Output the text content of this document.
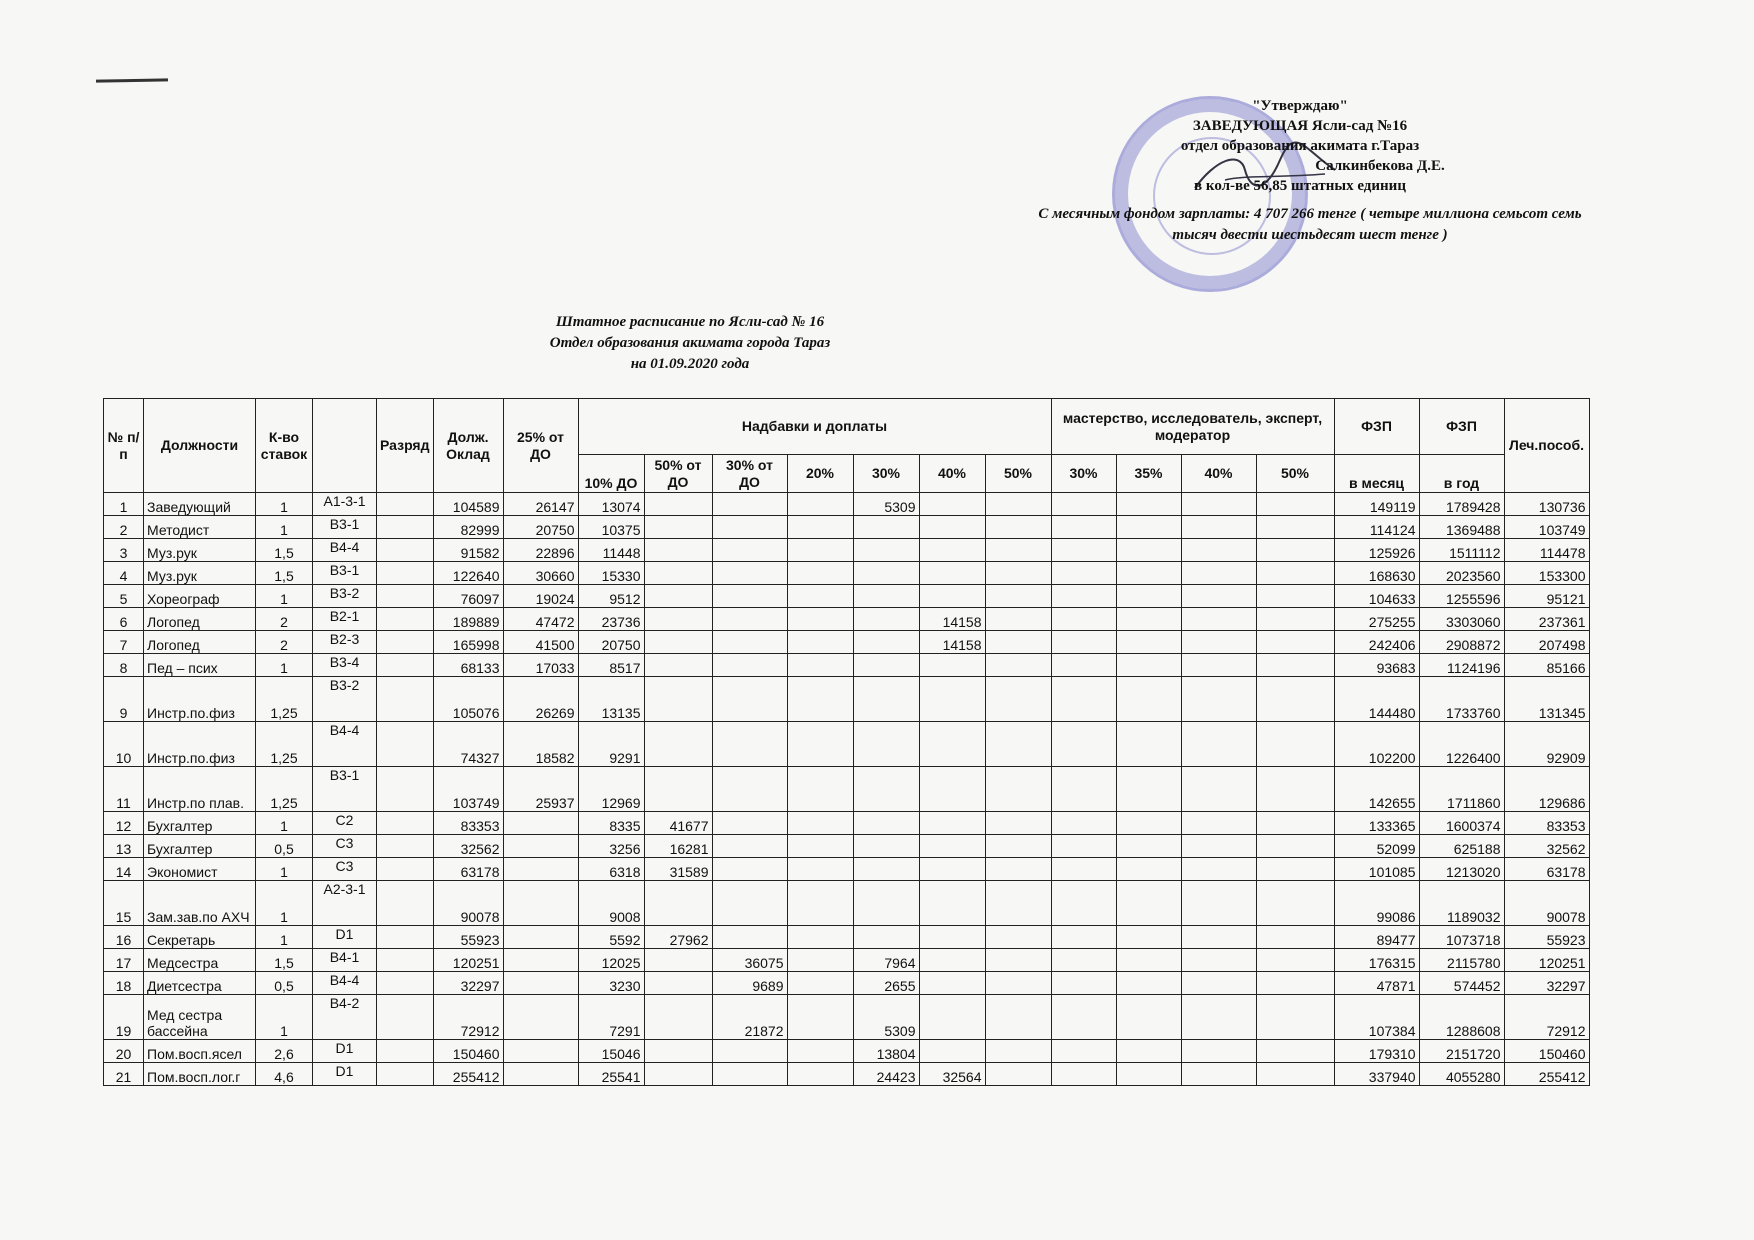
"Утверждаю"
ЗАВЕДУЮЩАЯ Ясли-сад №16
отдел образования акимата г.Тараз
Салкинбекова Д.Е.
в кол-ве 56,85 штатных единиц
С месячным фондом зарплаты: 4 707 266 тенге ( четыре миллиона семьсот семь
тысяч двести шестьдесят шест тенге )
Штатное расписание по Ясли-сад № 16
Отдел образования акимата города Тараз
на 01.09.2020 года
№ п/п	Должности	К-во ставок		Разряд	Долж. Оклад	25% от ДО	Надбавки и доплаты							мастерство, исследователь, эксперт, модератор				ФЗП	ФЗП	Леч.пособ.
							10% ДО	50% от ДО	30% от ДО	20%	30%	40%	50%	30%	35%	40%	50%	в месяц	в год	
1	Заведующий	1	A1-3-1		104589	26147	13074				5309							149119	1789428	130736
2	Методист	1	B3-1		82999	20750	10375											114124	1369488	103749
3	Муз.рук	1,5	B4-4		91582	22896	11448											125926	1511112	114478
4	Муз.рук	1,5	B3-1		122640	30660	15330											168630	2023560	153300
5	Хореограф	1	B3-2		76097	19024	9512											104633	1255596	95121
6	Логопед	2	B2-1		189889	47472	23736					14158						275255	3303060	237361
7	Логопед	2	B2-3		165998	41500	20750					14158						242406	2908872	207498
8	Пед – псих	1	B3-4		68133	17033	8517											93683	1124196	85166
9	Инстр.по.физ	1,25	B3-2		105076	26269	13135											144480	1733760	131345
10	Инстр.по.физ	1,25	B4-4		74327	18582	9291											102200	1226400	92909
11	Инстр.по плав.	1,25	B3-1		103749	25937	12969											142655	1711860	129686
12	Бухгалтер	1	C2		83353		8335	41677										133365	1600374	83353
13	Бухгалтер	0,5	C3		32562		3256	16281										52099	625188	32562
14	Экономист	1	C3		63178		6318	31589										101085	1213020	63178
15	Зам.зав.по АХЧ	1	A2-3-1		90078		9008											99086	1189032	90078
16	Секретарь	1	D1		55923		5592	27962										89477	1073718	55923
17	Медсестра	1,5	B4-1		120251		12025		36075		7964							176315	2115780	120251
18	Диетсестра	0,5	B4-4		32297		3230		9689		2655							47871	574452	32297
19	Мед сестра бассейна	1	B4-2		72912		7291		21872		5309							107384	1288608	72912
20	Пом.восп.ясел	2,6	D1		150460		15046				13804							179310	2151720	150460
21	Пом.восп.лог.г	4,6	D1		255412		25541				24423	32564						337940	4055280	255412
